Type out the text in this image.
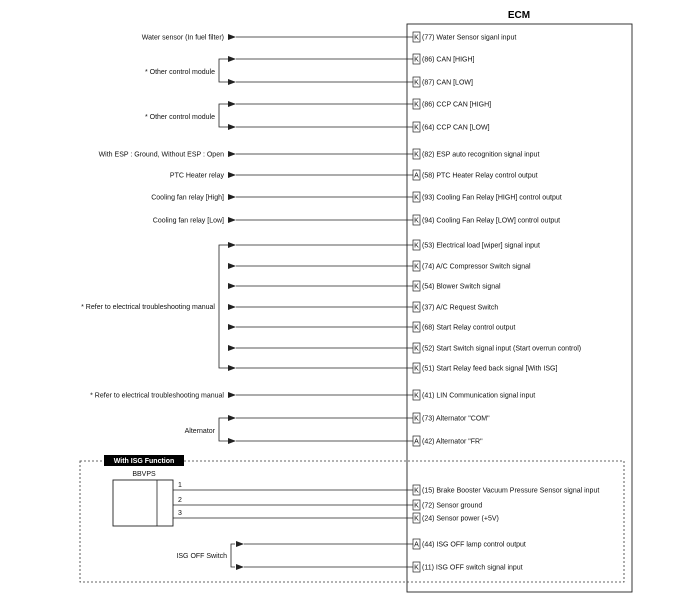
ECM
With ISG Function
BBVPS
K (77) Water Sensor siganl input
Water sensor (In fuel filter)
K (86) CAN [HIGH]
K (87) CAN [LOW]
K (86) CCP CAN [HIGH]
K (64) CCP CAN [LOW]
K (82) ESP auto recognition signal input
With ESP : Ground, Without ESP : Open
A (58) PTC Heater Relay control output
PTC Heater relay
K (93) Cooling Fan Relay [HIGH] control output
Cooling fan relay [High]
K (94) Cooling Fan Relay [LOW] control output
Cooling fan relay [Low]
K (53) Electrical load [wiper] signal input
K (74) A/C Compressor Switch signal
K (54) Blower Switch signal
K (37) A/C Request Switch
K (68) Start Relay control output
K (52) Start Switch signal input (Start overrun control)
K (51) Start Relay feed back signal [With ISG]
K (41) LIN Communication signal input
* Refer to electrical troubleshooting manual
K (73) Alternator "COM"
A (42) Alternator "FR"
K (15) Brake Booster Vacuum Pressure Sensor signal input
K (72) Sensor ground
K (24) Sensor power (+5V)
A (44) ISG OFF lamp control output
K (11) ISG OFF switch signal input
1
2
3
* Other control module
* Other control module
* Refer to electrical troubleshooting manual
Alternator
ISG OFF Switch
